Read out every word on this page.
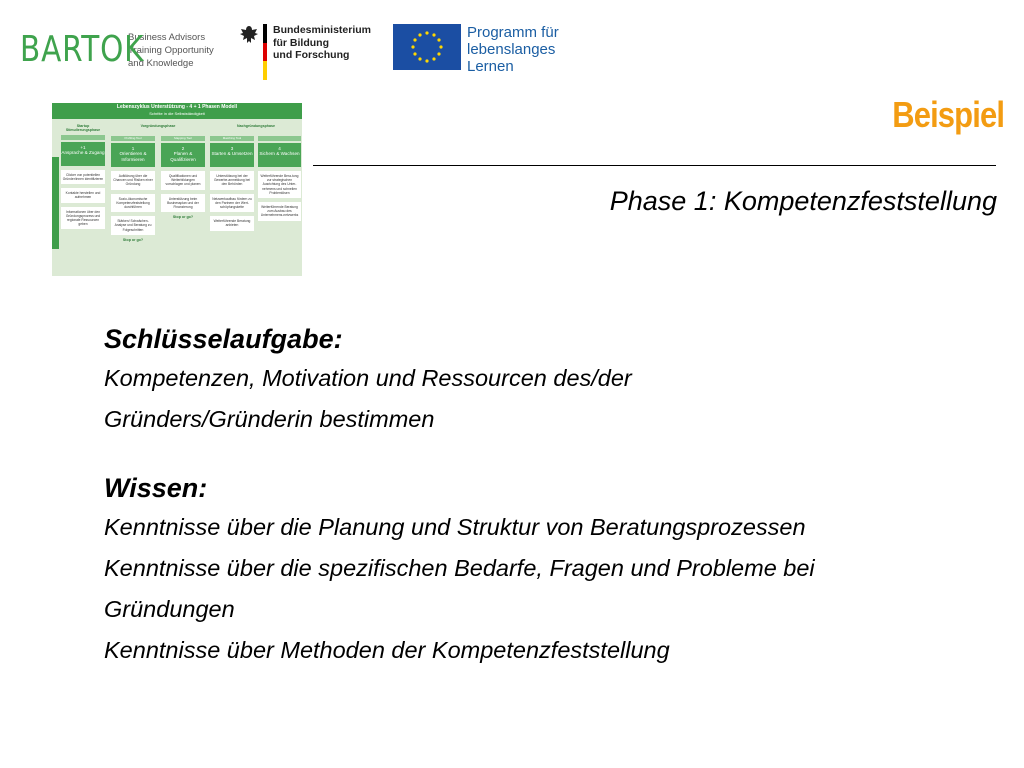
BARTOK
Business Advisors
Training Opportunity
and Knowledge
Bundesministerium
für Bildung
und Forschung
Programm für
lebenslanges
Lernen
Lebenszyklus Unterstützung - 4 + 1 Phasen Modell
Schritte in die Selbstständigkeit
Startup Stimulierungsphase
+1
Ansprache & Zugang
Clicker von potentiellen Gründer/innen identifizieren
Kontakte herstellen und aufnehmen
Informationen über den Gründungsprozess und regionale Ressourcen geben
Vorgründungsphase
Profiling Tool
1
Orientieren & Informieren
Aufklärung über die Chancen und Risiken einer Gründung
Sozio-ökonomische Kompetenzfeststellung durchführen
Stärken/ Schwächen-Analyse und Beratung zu Folgeschritten
Stop or go?
Mapping Tool
2
Planen & Qualifizieren
Qualifikationen und Weiterbildungen vorschlagen und planen
Unterstützung beim Businessplan und der Finanzierung
Stop or go?
Nachgründungsphase
Matching Tool
3
Starten & Umsetzen
Unterstützung bei der Gewerbe-anmeldung bei den Behörden
Netzwerkaufbau fördern zu den Partnern der Wert-schöpfungskette
Weiterführende Beratung anbieten
4
Sichern & Wachsen
Weiterführende Bera-tung zur strategischen Ausrichtung des Unter-nehmens und schnellen Problemlösen
Weiterführende Beratung zum Ausbau des Unternehmens-netzwerks
Beispiel
Phase 1: Kompetenzfeststellung

Schlüsselaufgabe:

Kompetenzen, Motivation und Ressourcen des/der

Gründers/Gründerin bestimmen

Wissen:

Kenntnisse über die Planung und Struktur von Beratungsprozessen

Kenntnisse über die spezifischen Bedarfe, Fragen und Probleme bei

Gründungen

Kenntnisse über Methoden der Kompetenzfeststellung
